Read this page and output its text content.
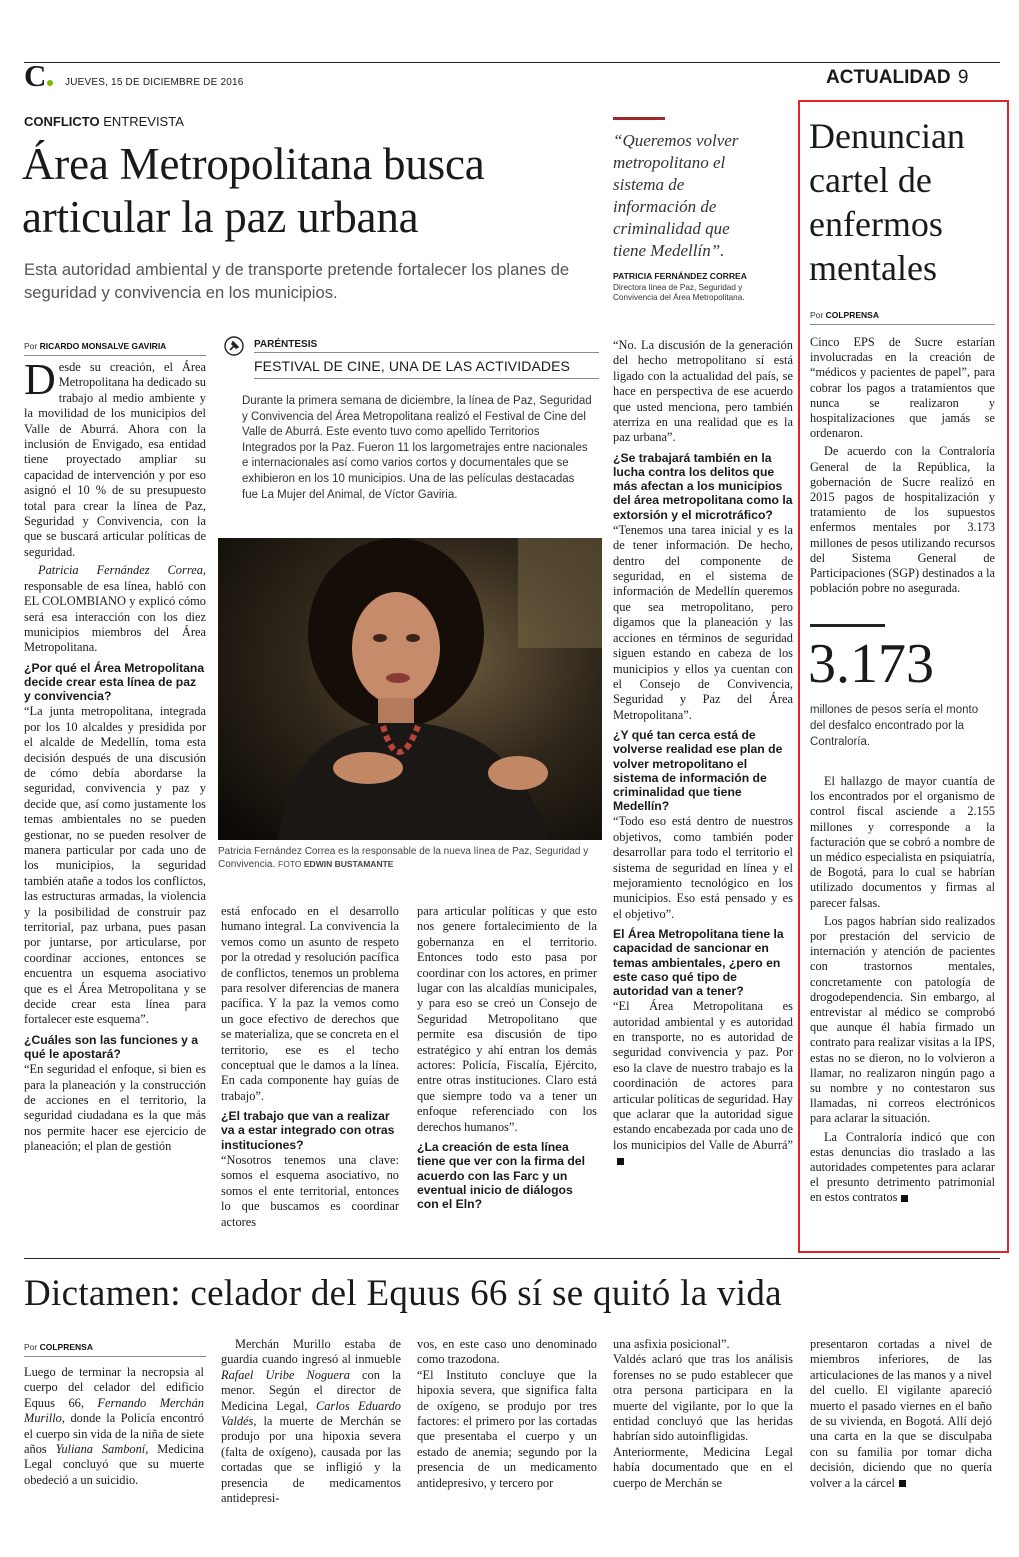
C	JUEVES, 15 DE DICIEMBRE DE 2016	ACTUALIDAD 9
CONFLICTO ENTREVISTA
Área Metropolitana busca articular la paz urbana
Esta autoridad ambiental y de transporte pretende fortalecer los planes de seguridad y convivencia en los municipios.
“Queremos volver metropolitano el sistema de información de criminalidad que tiene Medellín”.
PATRICIA FERNÁNDEZ CORREA
Directora línea de Paz, Seguridad y Convivencia del Área Metropolitana.
Por RICARDO MONSALVE GAVIRIA

Desde su creación, el Área Metropolitana ha dedicado su trabajo al medio ambiente y la movilidad de los municipios del Valle de Aburrá. Ahora con la inclusión de Envigado, esa entidad tiene proyectado ampliar su capacidad de intervención y por eso asignó el 10 % de su presupuesto total para crear la línea de Paz, Seguridad y Convivencia, con la que se buscará articular políticas de seguridad.

Patricia Fernández Correa, responsable de esa línea, habló con EL COLOMBIANO y explicó cómo será esa interacción con los diez municipios miembros del Área Metropolitana.

¿Por qué el Área Metropolitana decide crear esta línea de paz y convivencia?

“La junta metropolitana, integrada por los 10 alcaldes y presidida por el alcalde de Medellín, toma esta decisión después de una discusión de cómo debía abordarse la seguridad, convivencia y paz y decide que, así como justamente los temas ambientales no se pueden gestionar, no se pueden resolver de manera particular por cada uno de los municipios, la seguridad también atañe a todos los conflictos, las estructuras armadas, la violencia y la posibilidad de construir paz territorial, paz urbana, pues pasan por juntarse, por articularse, por coordinar acciones, entonces se encuentra un esquema asociativo que es el Área Metropolitana y se decide crear esta línea para fortalecer este esquema”.

¿Cuáles son las funciones y a qué le apostará?

“En seguridad el enfoque, si bien es para la planeación y la construcción de acciones en el territorio, la seguridad ciudadana es la que más nos permite hacer ese ejercicio de planeación; el plan de gestión

PARÉNTESIS
FESTIVAL DE CINE, UNA DE LAS ACTIVIDADES
Durante la primera semana de diciembre, la línea de Paz, Seguridad y Convivencia del Área Metropolitana realizó el Festival de Cine del Valle de Aburrá. Este evento tuvo como apellido Territorios Integrados por la Paz. Fueron 11 los largometrajes entre nacionales e internacionales así como varios cortos y documentales que se exhibieron en los 10 municipios. Una de las películas destacadas fue La Mujer del Animal, de Víctor Gaviria.
Patricia Fernández Correa es la responsable de la nueva línea de Paz, Seguridad y Convivencia. FOTO EDWIN BUSTAMANTE

está enfocado en el desarrollo humano integral. La convivencia la vemos como un asunto de respeto por la otredad y resolución pacífica de conflictos, tenemos un problema para resolver diferencias de manera pacífica. Y la paz la vemos como un goce efectivo de derechos que se materializa, que se concreta en el territorio, ese es el techo conceptual que le damos a la línea. En cada componente hay guías de trabajo”.

¿El trabajo que van a realizar va a estar integrado con otras instituciones?

“Nosotros tenemos una clave: somos el esquema asociativo, no somos el ente territorial, entonces lo que buscamos es coordinar actores

para articular políticas y que esto nos genere fortalecimiento de la gobernanza en el territorio. Entonces todo esto pasa por coordinar con los actores, en primer lugar con las alcaldías municipales, y para eso se creó un Consejo de Seguridad Metropolitano que permite esa discusión de tipo estratégico y ahí entran los demás actores: Policía, Fiscalía, Ejército, entre otras instituciones. Claro está que siempre todo va a tener un enfoque referenciado con los derechos humanos”.

¿La creación de esta línea tiene que ver con la firma del acuerdo con las Farc y un eventual inicio de diálogos con el Eln?

“No. La discusión de la generación del hecho metropolitano sí está ligado con la actualidad del país, se hace en perspectiva de ese acuerdo que usted menciona, pero también aterriza en una realidad que es la paz urbana”.

¿Se trabajará también en la lucha contra los delitos que más afectan a los municipios del área metropolitana como la extorsión y el microtráfico?

“Tenemos una tarea inicial y es la de tener información. De hecho, dentro del componente de seguridad, en el sistema de información de Medellín queremos que sea metropolitano, pero digamos que la planeación y las acciones en términos de seguridad siguen estando en cabeza de los municipios y ellos ya cuentan con el Consejo de Convivencia, Seguridad y Paz del Área Metropolitana”.

¿Y qué tan cerca está de volverse realidad ese plan de volver metropolitano el sistema de información de criminalidad que tiene Medellín?

“Todo eso está dentro de nuestros objetivos, como también poder desarrollar para todo el territorio el sistema de seguridad en línea y el mejoramiento tecnológico en los municipios. Eso está pensado y es el objetivo”.

El Área Metropolitana tiene la capacidad de sancionar en temas ambientales, ¿pero en este caso qué tipo de autoridad van a tener?

“El Área Metropolitana es autoridad ambiental y es autoridad en transporte, no es autoridad de seguridad convivencia y paz. Por eso la clave de nuestro trabajo es la coordinación de actores para articular políticas de seguridad. Hay que aclarar que la autoridad sigue estando encabezada por cada uno de los municipios del Valle de Aburrá”

Denuncian cartel de enfermos mentales
Por COLPRENSA

Cinco EPS de Sucre estarían involucradas en la creación de “médicos y pacientes de papel”, para cobrar los pagos a tratamientos que nunca se realizaron y hospitalizaciones que jamás se ordenaron.

De acuerdo con la Contraloría General de la República, la gobernación de Sucre realizó en 2015 pagos de hospitalización y tratamiento de los supuestos enfermos mentales por 3.173 millones de pesos utilizando recursos del Sistema General de Participaciones (SGP) destinados a la población pobre no asegurada.

3.173
millones de pesos sería el monto del desfalco encontrado por la Contraloría.

El hallazgo de mayor cuantía de los encontrados por el organismo de control fiscal asciende a 2.155 millones y corresponde a la facturación que se cobró a nombre de un médico especialista en psiquiatría, de Bogotá, para lo cual se habrían utilizado documentos y firmas al parecer falsas.

Los pagos habrían sido realizados por prestación del servicio de internación y atención de pacientes con trastornos mentales, concretamente con patología de drogodependencia. Sin embargo, al entrevistar al médico se comprobó que aunque él había firmado un contrato para realizar visitas a la IPS, estas no se dieron, no lo volvieron a llamar, no realizaron ningún pago a su nombre y no contestaron sus llamadas, ni correos electrónicos para aclarar la situación.

La Contraloría indicó que con estas denuncias dio traslado a las autoridades competentes para aclarar el presunto detrimento patrimonial en estos contratos

Dictamen: celador del Equus 66 sí se quitó la vida
Por COLPRENSA

Luego de terminar la necropsia al cuerpo del celador del edificio Equus 66, Fernando Merchán Murillo, donde la Policía encontró el cuerpo sin vida de la niña de siete años Yuliana Samboní, Medicina Legal concluyó que su muerte obedeció a un suicidio.

Merchán Murillo estaba de guardia cuando ingresó al inmueble Rafael Uribe Noguera con la menor. Según el director de Medicina Legal, Carlos Eduardo Valdés, la muerte de Merchán se produjo por una hipoxia severa (falta de oxígeno), causada por las cortadas que se infligió y la presencia de medicamentos antidepresi-

vos, en este caso uno denominado como trazodona.
“El Instituto concluye que la hipoxia severa, que significa falta de oxígeno, se produjo por tres factores: el primero por las cortadas que presentaba el cuerpo y un estado de anemia; segundo por la presencia de un medicamento antidepresivo, y tercero por
una asfixia posicional”.
Valdés aclaró que tras los análisis forenses no se pudo establecer que otra persona participara en la muerte del vigilante, por lo que la entidad concluyó que las heridas habrían sido autoinfligidas.
Anteriormente, Medicina Legal había documentado que en el cuerpo de Merchán se

presentaron cortadas a nivel de miembros inferiores, de las articulaciones de las manos y a nivel del cuello. El vigilante apareció muerto el pasado viernes en el baño de su vivienda, en Bogotá. Allí dejó una carta en la que se disculpaba con su familia por tomar dicha decisión, diciendo que no quería volver a la cárcel
